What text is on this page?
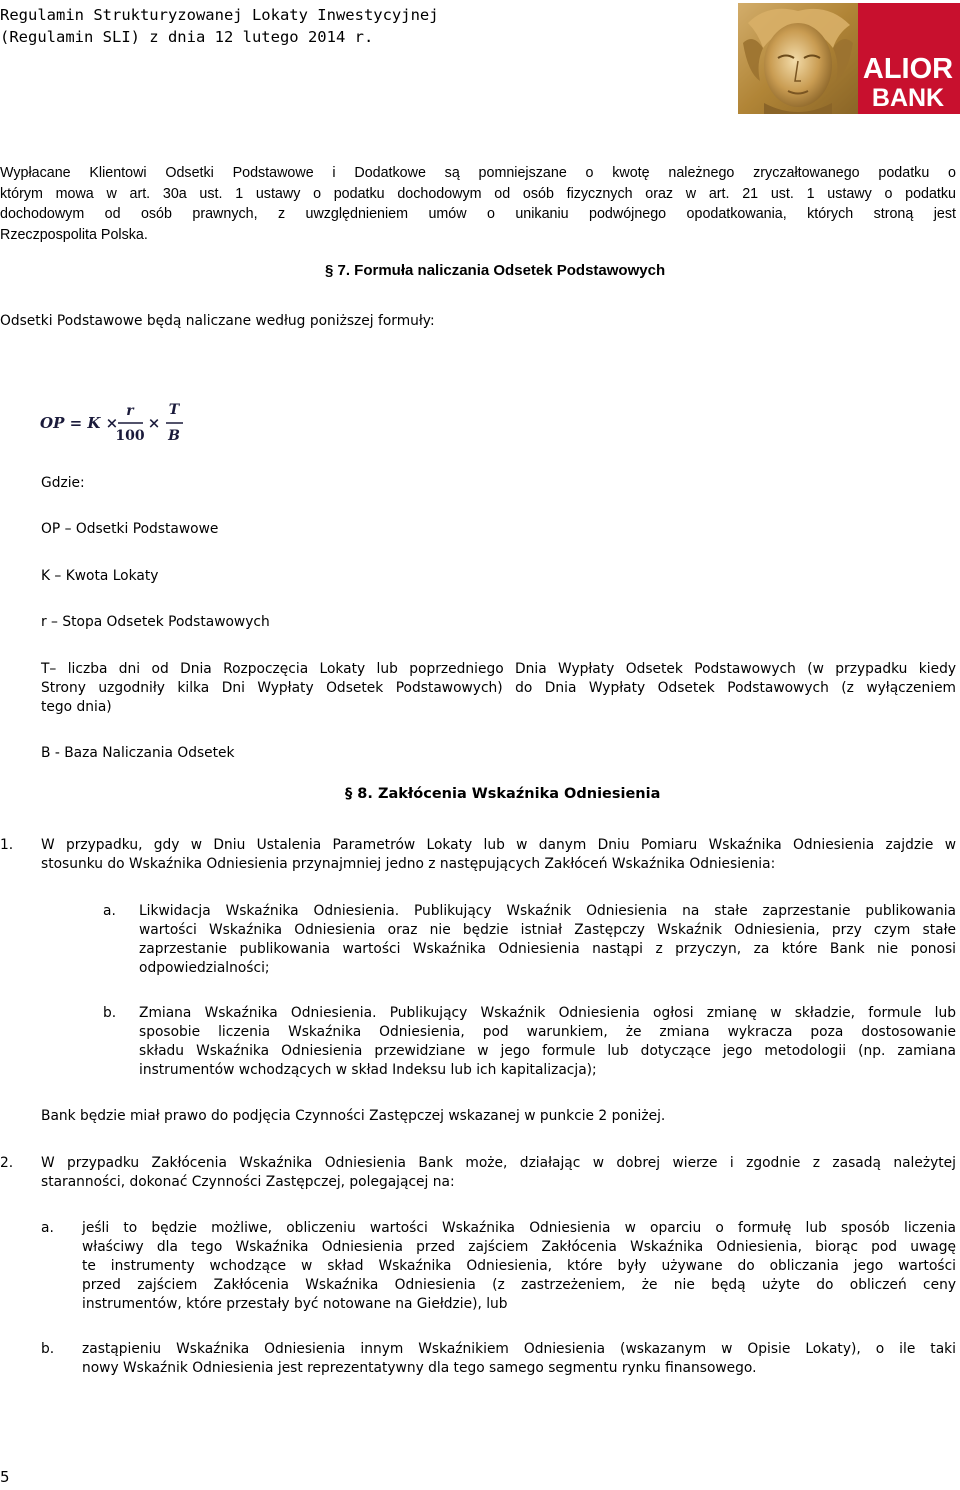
Regulamin Strukturyzowanej Lokaty Inwestycyjnej
(Regulamin SLI) z dnia 12 lutego 2014 r.
ALIOR
BANK
Wypłacane Klientowi Odsetki Podstawowe i Dodatkowe są pomniejszane o kwotę należnego zryczałtowanego podatku o
którym mowa w art. 30a ust. 1 ustawy o podatku dochodowym od osób fizycznych oraz w art. 21 ust. 1 ustawy o podatku
dochodowym od osób prawnych, z uwzględnieniem umów o unikaniu podwójnego opodatkowania, których stroną jest
Rzeczpospolita Polska.
§ 7. Formuła naliczania Odsetek Podstawowych
Odsetki Podstawowe będą naliczane według poniższej formuły:
OP = K ×
r
100
×
T
B
Gdzie:
OP – Odsetki Podstawowe
K – Kwota Lokaty
r – Stopa Odsetek Podstawowych
T– liczba dni od Dnia Rozpoczęcia Lokaty lub poprzedniego Dnia Wypłaty Odsetek Podstawowych (w przypadku kiedy
Strony uzgodniły kilka Dni Wypłaty Odsetek Podstawowych) do Dnia Wypłaty Odsetek Podstawowych (z wyłączeniem
tego dnia)
B - Baza Naliczania Odsetek
§ 8. Zakłócenia Wskaźnika Odniesienia
1. W przypadku, gdy w Dniu Ustalenia Parametrów Lokaty lub w danym Dniu Pomiaru Wskaźnika Odniesienia zajdzie w
stosunku do Wskaźnika Odniesienia przynajmniej jedno z następujących Zakłóceń Wskaźnika Odniesienia:
a. Likwidacja Wskaźnika Odniesienia. Publikujący Wskaźnik Odniesienia na stałe zaprzestanie publikowania
wartości Wskaźnika Odniesienia oraz nie będzie istniał Zastępczy Wskaźnik Odniesienia, przy czym stałe
zaprzestanie publikowania wartości Wskaźnika Odniesienia nastąpi z przyczyn, za które Bank nie ponosi
odpowiedzialności;
b. Zmiana Wskaźnika Odniesienia. Publikujący Wskaźnik Odniesienia ogłosi zmianę w składzie, formule lub
sposobie liczenia Wskaźnika Odniesienia, pod warunkiem, że zmiana wykracza poza dostosowanie
składu Wskaźnika Odniesienia przewidziane w jego formule lub dotyczące jego metodologii (np. zamiana
instrumentów wchodzących w skład Indeksu lub ich kapitalizacja);
Bank będzie miał prawo do podjęcia Czynności Zastępczej wskazanej w punkcie 2 poniżej.
2. W przypadku Zakłócenia Wskaźnika Odniesienia Bank może, działając w dobrej wierze i zgodnie z zasadą należytej
staranności, dokonać Czynności Zastępczej, polegającej na:
a. jeśli to będzie możliwe, obliczeniu wartości Wskaźnika Odniesienia w oparciu o formułę lub sposób liczenia
właściwy dla tego Wskaźnika Odniesienia przed zajściem Zakłócenia Wskaźnika Odniesienia, biorąc pod uwagę
te instrumenty wchodzące w skład Wskaźnika Odniesienia, które były używane do obliczania jego wartości
przed zajściem Zakłócenia Wskaźnika Odniesienia (z zastrzeżeniem, że nie będą użyte do obliczeń ceny
instrumentów, które przestały być notowane na Giełdzie), lub
b. zastąpieniu Wskaźnika Odniesienia innym Wskaźnikiem Odniesienia (wskazanym w Opisie Lokaty), o ile taki
nowy Wskaźnik Odniesienia jest reprezentatywny dla tego samego segmentu rynku finansowego.
5
